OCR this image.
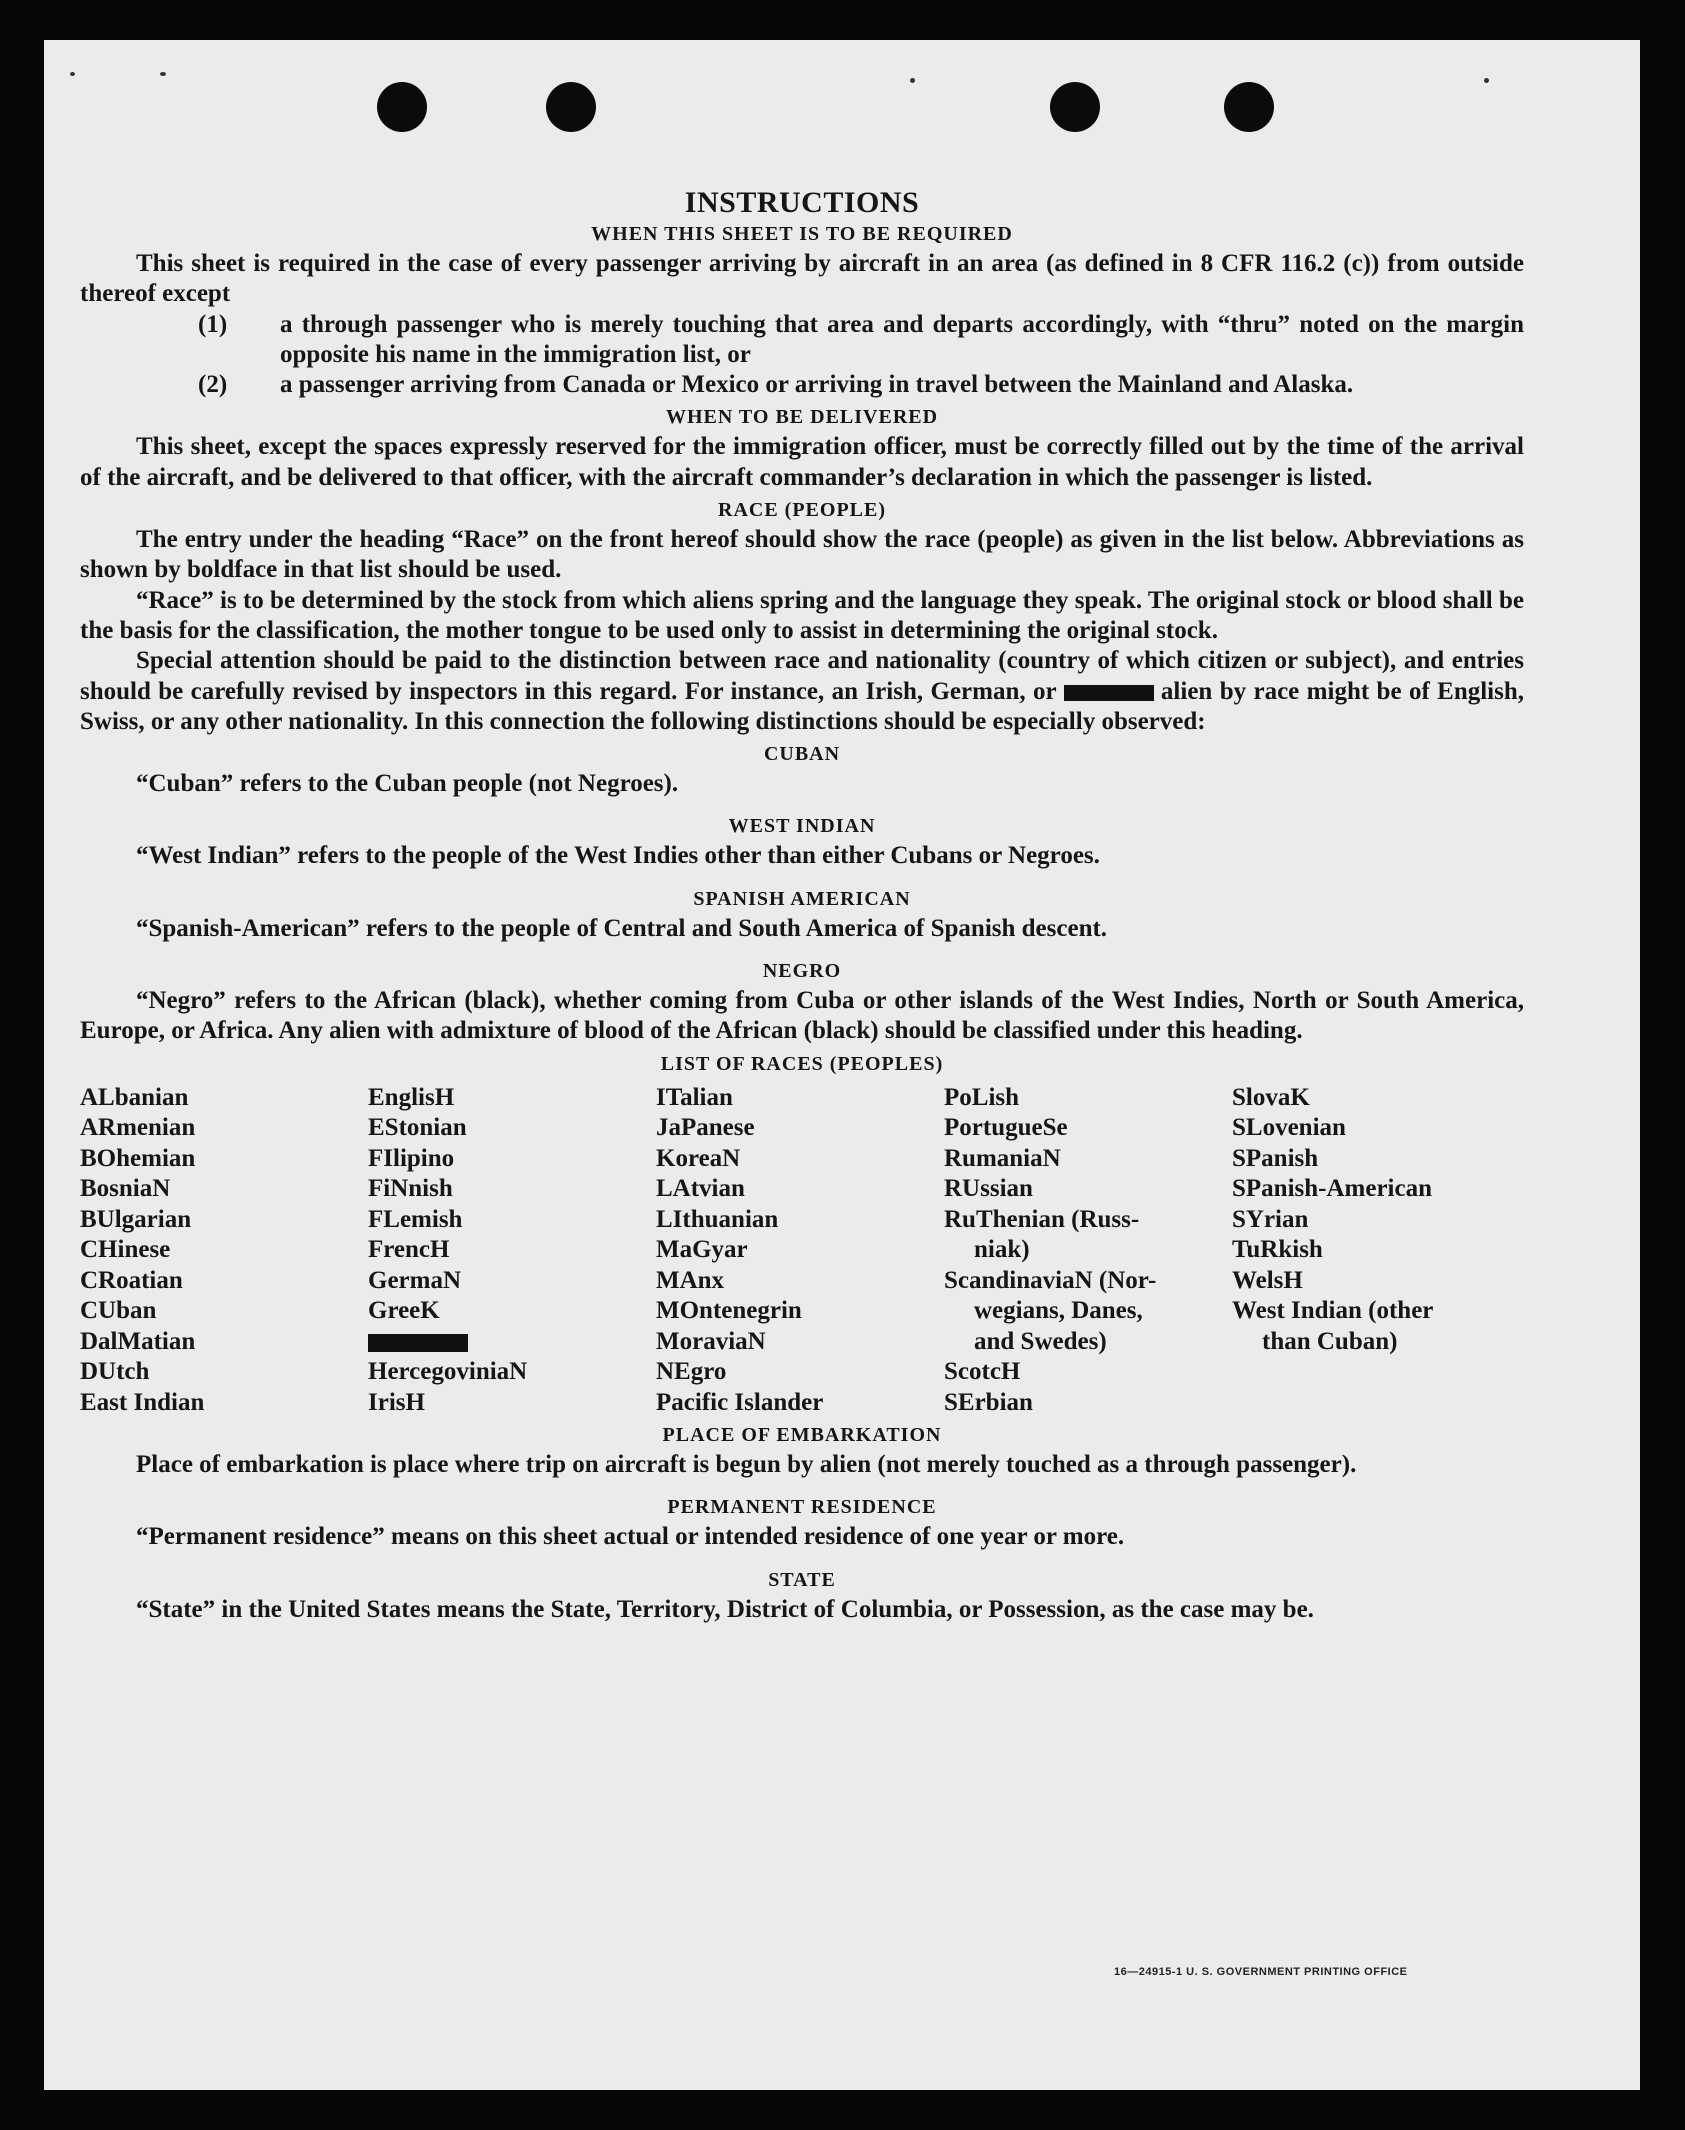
INSTRUCTIONS
WHEN THIS SHEET IS TO BE REQUIRED

This sheet is required in the case of every passenger arriving by aircraft in an area (as defined in 8 CFR 116.2 (c)) from outside thereof except

(1) a through passenger who is merely touching that area and departs accordingly, with “thru” noted on the margin opposite his name in the immigration list, or
(2) a passenger arriving from Canada or Mexico or arriving in travel between the Mainland and Alaska.
WHEN TO BE DELIVERED

This sheet, except the spaces expressly reserved for the immigration officer, must be correctly filled out by the time of the arrival of the aircraft, and be delivered to that officer, with the aircraft commander’s declaration in which the passenger is listed.

RACE (PEOPLE)

The entry under the heading “Race” on the front hereof should show the race (people) as given in the list below. Abbreviations as shown by boldface in that list should be used.

“Race” is to be determined by the stock from which aliens spring and the language they speak. The original stock or blood shall be the basis for the classification, the mother tongue to be used only to assist in determining the original stock.

Special attention should be paid to the distinction between race and nationality (country of which citizen or subject), and entries should be carefully revised by inspectors in this regard. For instance, an Irish, German, or	alien by race might be of English, Swiss, or any other nationality. In this connection the following distinctions should be especially observed:

CUBAN

“Cuban” refers to the Cuban people (not Negroes).

WEST INDIAN

“West Indian” refers to the people of the West Indies other than either Cubans or Negroes.

SPANISH AMERICAN

“Spanish-American” refers to the people of Central and South America of Spanish descent.

NEGRO

“Negro” refers to the African (black), whether coming from Cuba or other islands of the West Indies, North or South America, Europe, or Africa. Any alien with admixture of blood of the African (black) should be classified under this heading.

LIST OF RACES (PEOPLES)

ALbanian

ARmenian

BOhemian

BosniaN

BUlgarian

CHinese

CRoatian

CUban

DalMatian

DUtch

East Indian

EnglisH

EStonian

FIlipino

FiNnish

FLemish

FrencH

GermaN

GreeK

HercegoviniaN

IrisH

ITalian

JaPanese

KoreaN

LAtvian

LIthuanian

MaGyar

MAnx

MOntenegrin

MoraviaN

NEgro

Pacific Islander

PoLish

PortugueSe

RumaniaN

RUssian

RuThenian (Russ-

niak)

ScandinaviaN (Nor-

wegians, Danes,

and Swedes)

ScotcH

SErbian

SlovaK

SLovenian

SPanish

SPanish-American

SYrian

TuRkish

WelsH

West Indian (other

than Cuban)

PLACE OF EMBARKATION

Place of embarkation is place where trip on aircraft is begun by alien (not merely touched as a through passenger).

PERMANENT RESIDENCE

“Permanent residence” means on this sheet actual or intended residence of one year or more.

STATE

“State” in the United States means the State, Territory, District of Columbia, or Possession, as the case may be.

16—24915-1 U. S. GOVERNMENT PRINTING OFFICE
